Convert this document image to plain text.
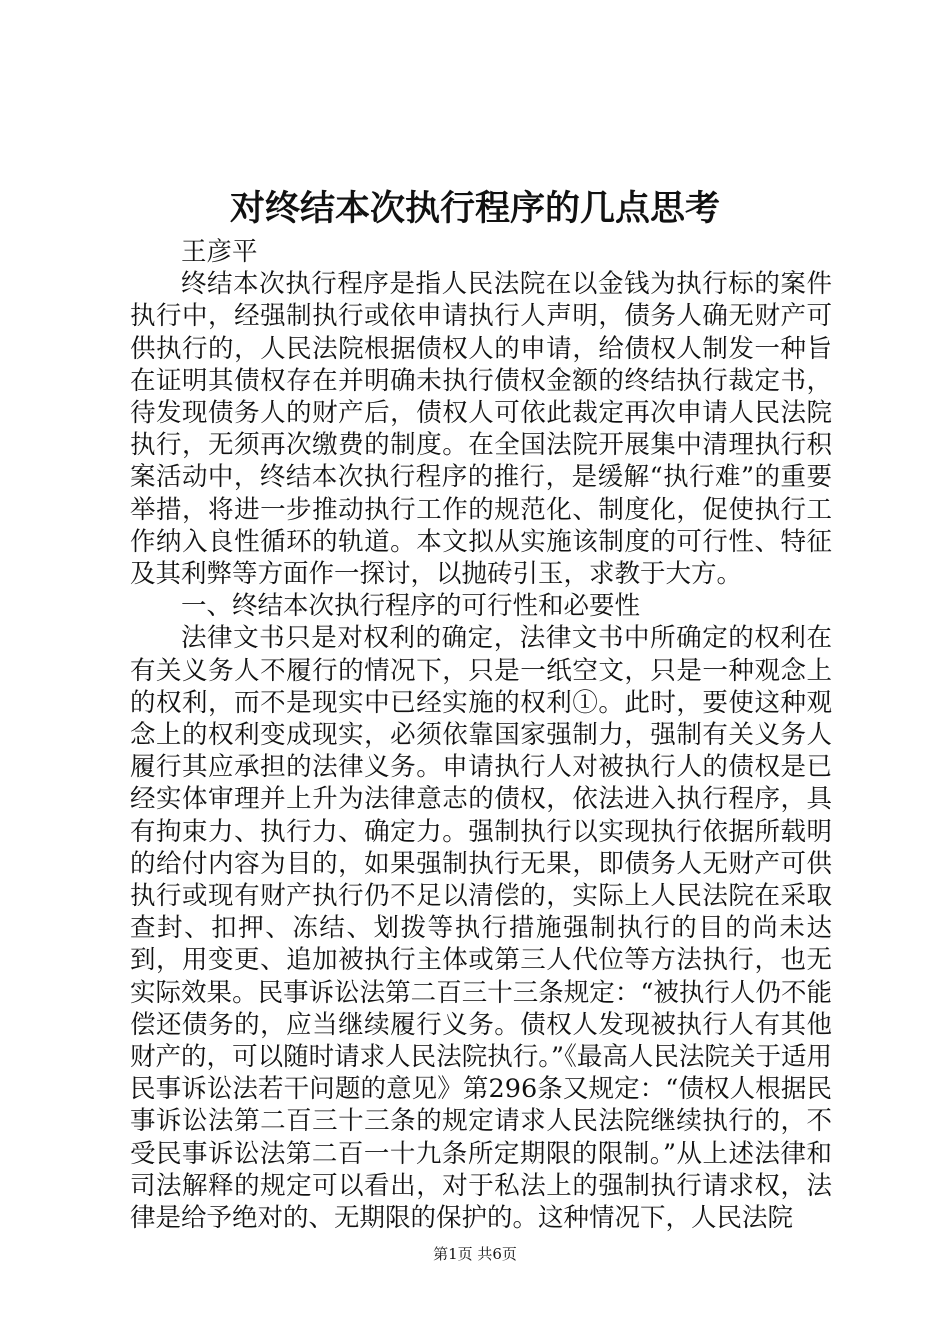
对终结本次执行程序的几点思考

王彦平

终结本次执行程序是指人民法院在以金钱为执行标的案件执行中，经强制执行或依申请执行人声明，债务人确无财产可供执行的，人民法院根据债权人的申请，给债权人制发一种旨在证明其债权存在并明确未执行债权金额的终结执行裁定书，待发现债务人的财产后，债权人可依此裁定再次申请人民法院执行，无须再次缴费的制度。在全国法院开展集中清理执行积案活动中，终结本次执行程序的推行，是缓解“执行难”的重要举措，将进一步推动执行工作的规范化、制度化，促使执行工作纳入良性循环的轨道。本文拟从实施该制度的可行性、特征及其利弊等方面作一探讨，以抛砖引玉，求教于大方。

一、终结本次执行程序的可行性和必要性

法律文书只是对权利的确定，法律文书中所确定的权利在有关义务人不履行的情况下，只是一纸空文，只是一种观念上的权利，而不是现实中已经实施的权利①。此时，要使这种观念上的权利变成现实，必须依靠国家强制力，强制有关义务人履行其应承担的法律义务。申请执行人对被执行人的债权是已经实体审理并上升为法律意志的债权，依法进入执行程序，具有拘束力、执行力、确定力。强制执行以实现执行依据所载明的给付内容为目的，如果强制执行无果，即债务人无财产可供执行或现有财产执行仍不足以清偿的，实际上人民法院在采取查封、扣押、冻结、划拨等执行措施强制执行的目的尚未达到，用变更、追加被执行主体或第三人代位等方法执行，也无实际效果。民事诉讼法第二百三十三条规定：“被执行人仍不能偿还债务的，应当继续履行义务。债权人发现被执行人有其他财产的，可以随时请求人民法院执行。”《最高人民法院关于适用民事诉讼法若干问题的意见》第296条又规定：“债权人根据民事诉讼法第二百三十三条的规定请求人民法院继续执行的，不受民事诉讼法第二百一十九条所定期限的限制。”从上述法律和司法解释的规定可以看出，对于私法上的强制执行请求权，法律是给予绝对的、无期限的保护的。这种情况下，人民法院

第1页 共6页
